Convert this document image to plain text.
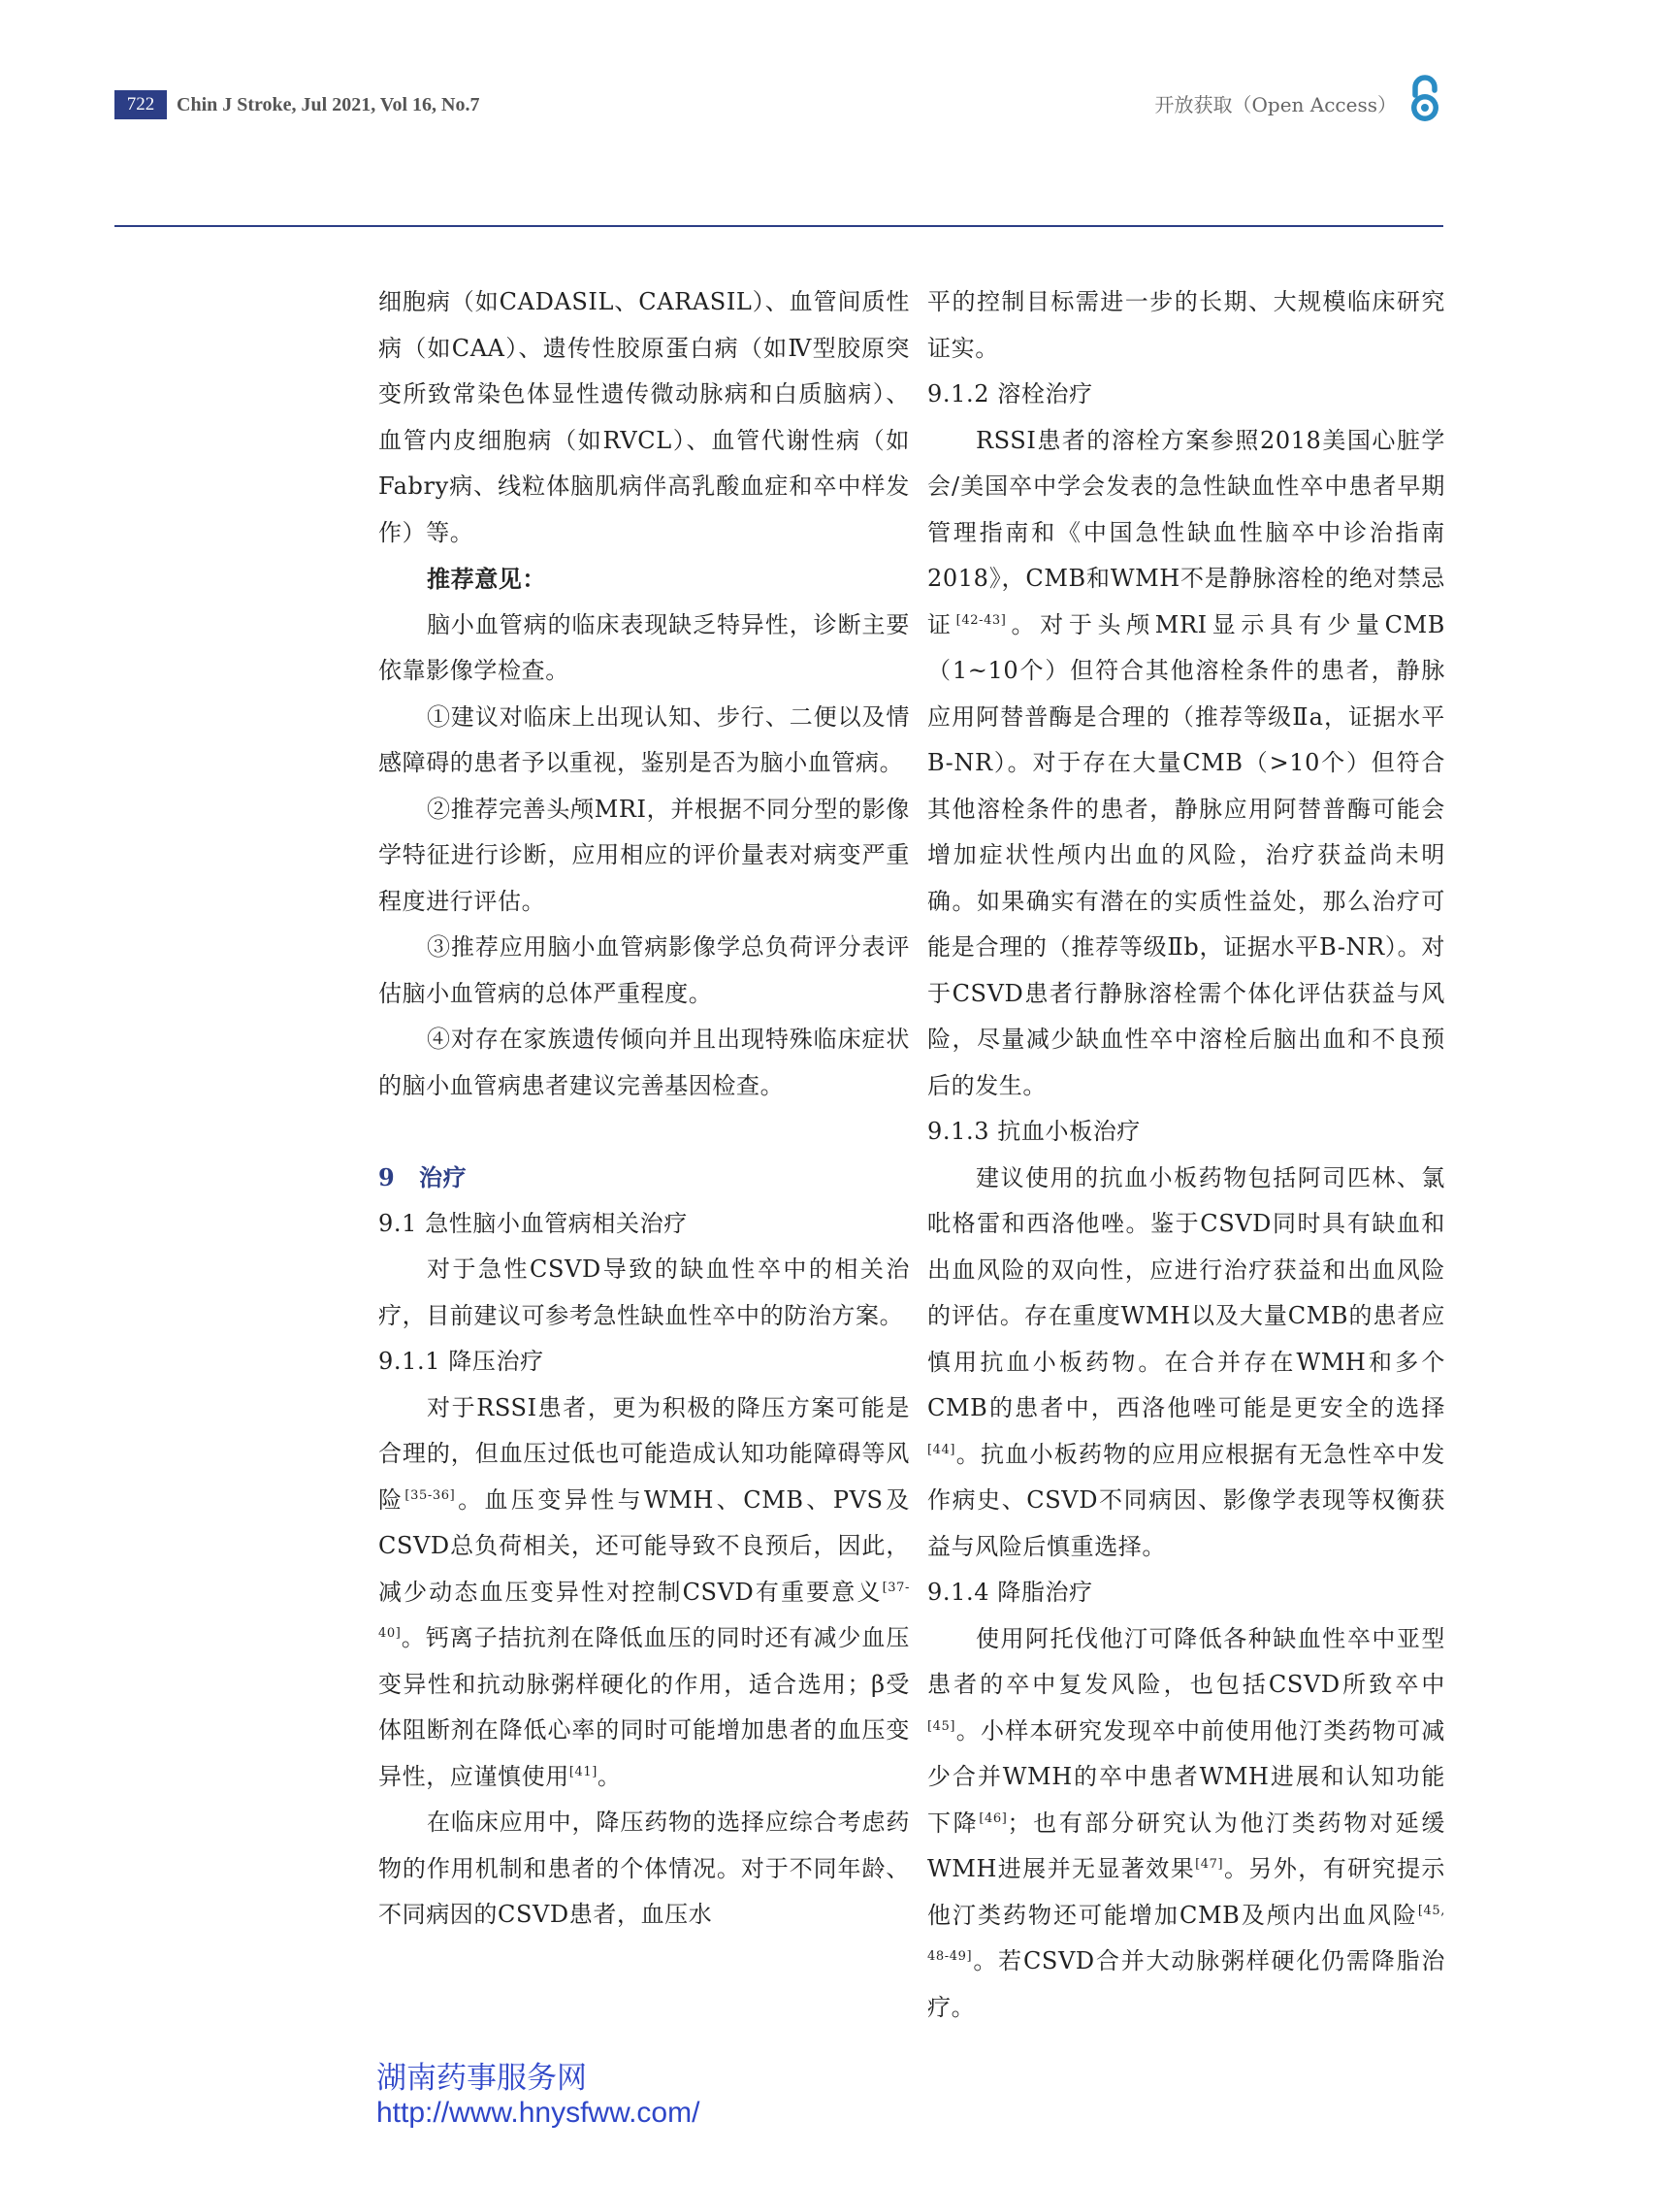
722	Chin J Stroke, Jul 2021, Vol 16, No.7	开放获取（Open Access）

细胞病（如CADASIL、CARASIL）、血管间质性病（如CAA）、遗传性胶原蛋白病（如Ⅳ型胶原突变所致常染色体显性遗传微动脉病和白质脑病）、血管内皮细胞病（如RVCL）、血管代谢性病（如Fabry病、线粒体脑肌病伴高乳酸血症和卒中样发作）等。

推荐意见：

脑小血管病的临床表现缺乏特异性，诊断主要依靠影像学检查。

①建议对临床上出现认知、步行、二便以及情感障碍的患者予以重视，鉴别是否为脑小血管病。

②推荐完善头颅MRI，并根据不同分型的影像学特征进行诊断，应用相应的评价量表对病变严重程度进行评估。

③推荐应用脑小血管病影像学总负荷评分表评估脑小血管病的总体严重程度。

④对存在家族遗传倾向并且出现特殊临床症状的脑小血管病患者建议完善基因检查。

9 治疗

9.1 急性脑小血管病相关治疗

对于急性CSVD导致的缺血性卒中的相关治疗，目前建议可参考急性缺血性卒中的防治方案。

9.1.1 降压治疗

对于RSSI患者，更为积极的降压方案可能是合理的，但血压过低也可能造成认知功能障碍等风险[35-36]。血压变异性与WMH、CMB、PVS及CSVD总负荷相关，还可能导致不良预后，因此，减少动态血压变异性对控制CSVD有重要意义[37-40]。钙离子拮抗剂在降低血压的同时还有减少血压变异性和抗动脉粥样硬化的作用，适合选用；β受体阻断剂在降低心率的同时可能增加患者的血压变异性，应谨慎使用[41]。

在临床应用中，降压药物的选择应综合考虑药物的作用机制和患者的个体情况。对于不同年龄、不同病因的CSVD患者，血压水

平的控制目标需进一步的长期、大规模临床研究证实。

9.1.2 溶栓治疗

RSSI患者的溶栓方案参照2018美国心脏学会/美国卒中学会发表的急性缺血性卒中患者早期管理指南和《中国急性缺血性脑卒中诊治指南2018》，CMB和WMH不是静脉溶栓的绝对禁忌证[42-43]。对于头颅MRI显示具有少量CMB（1~10个）但符合其他溶栓条件的患者，静脉应用阿替普酶是合理的（推荐等级Ⅱa，证据水平B-NR）。对于存在大量CMB（>10个）但符合其他溶栓条件的患者，静脉应用阿替普酶可能会增加症状性颅内出血的风险，治疗获益尚未明确。如果确实有潜在的实质性益处，那么治疗可能是合理的（推荐等级Ⅱb，证据水平B-NR）。对于CSVD患者行静脉溶栓需个体化评估获益与风险，尽量减少缺血性卒中溶栓后脑出血和不良预后的发生。

9.1.3 抗血小板治疗

建议使用的抗血小板药物包括阿司匹林、氯吡格雷和西洛他唑。鉴于CSVD同时具有缺血和出血风险的双向性，应进行治疗获益和出血风险的评估。存在重度WMH以及大量CMB的患者应慎用抗血小板药物。在合并存在WMH和多个CMB的患者中，西洛他唑可能是更安全的选择[44]。抗血小板药物的应用应根据有无急性卒中发作病史、CSVD不同病因、影像学表现等权衡获益与风险后慎重选择。

9.1.4 降脂治疗

使用阿托伐他汀可降低各种缺血性卒中亚型患者的卒中复发风险，也包括CSVD所致卒中[45]。小样本研究发现卒中前使用他汀类药物可减少合并WMH的卒中患者WMH进展和认知功能下降[46]；也有部分研究认为他汀类药物对延缓WMH进展并无显著效果[47]。另外，有研究提示他汀类药物还可能增加CMB及颅内出血风险[45, 48-49]。若CSVD合并大动脉粥样硬化仍需降脂治疗。

湖南药事服务网
http://www.hnysfww.com/
